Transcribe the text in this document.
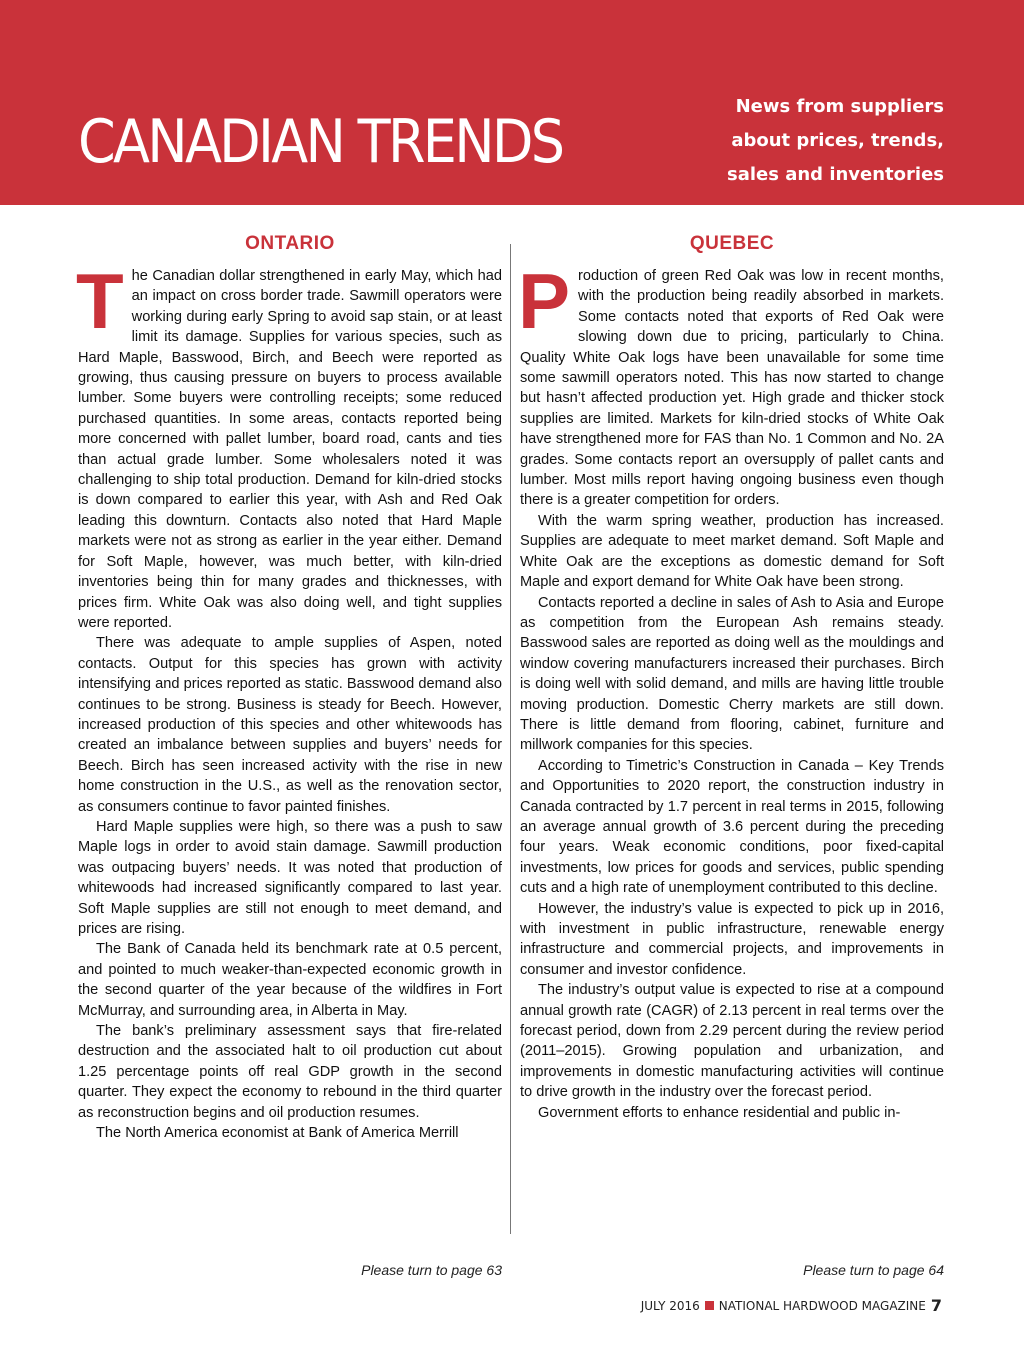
CANADIAN TRENDS
News from suppliers
about prices, trends,
sales and inventories
ONTARIO

The Canadian dollar strengthened in early May, which had an impact on cross border trade. Sawmill operators were working during early Spring to avoid sap stain, or at least limit its damage. Supplies for various species, such as Hard Maple, Basswood, Birch, and Beech were reported as growing, thus causing pressure on buyers to process available lumber. Some buyers were controlling receipts; some reduced purchased quantities. In some areas, contacts reported being more concerned with pallet lumber, board road, cants and ties than actual grade lumber. Some wholesalers noted it was challenging to ship total production. Demand for kiln-dried stocks is down compared to earlier this year, with Ash and Red Oak leading this downturn. Contacts also noted that Hard Maple markets were not as strong as earlier in the year either. Demand for Soft Maple, however, was much better, with kiln-dried inventories being thin for many grades and thicknesses, with prices firm. White Oak was also doing well, and tight supplies were reported.

There was adequate to ample supplies of Aspen, noted contacts. Output for this species has grown with activity intensifying and prices reported as static. Basswood demand also continues to be strong. Business is steady for Beech. However, increased production of this species and other whitewoods has created an imbalance between supplies and buyers’ needs for Beech. Birch has seen increased activity with the rise in new home construction in the U.S., as well as the renovation sector, as consumers continue to favor painted finishes.

Hard Maple supplies were high, so there was a push to saw Maple logs in order to avoid stain damage. Sawmill production was outpacing buyers’ needs. It was noted that production of whitewoods had increased significantly compared to last year. Soft Maple supplies are still not enough to meet demand, and prices are rising.

The Bank of Canada held its benchmark rate at 0.5 percent, and pointed to much weaker-than-expected economic growth in the second quarter of the year because of the wildfires in Fort McMurray, and surrounding area, in Alberta in May.

The bank’s preliminary assessment says that fire-related destruction and the associated halt to oil production cut about 1.25 percentage points off real GDP growth in the second quarter. They expect the economy to rebound in the third quarter as reconstruction begins and oil production resumes.

The North America economist at Bank of America Merrill

QUEBEC

Production of green Red Oak was low in recent months, with the production being readily absorbed in markets. Some contacts noted that exports of Red Oak were slowing down due to pricing, particularly to China. Quality White Oak logs have been unavailable for some time some sawmill operators noted. This has now started to change but hasn’t affected production yet. High grade and thicker stock supplies are limited. Markets for kiln-dried stocks of White Oak have strengthened more for FAS than No. 1 Common and No. 2A grades. Some contacts report an oversupply of pallet cants and lumber. Most mills report having ongoing business even though there is a greater competition for orders.

With the warm spring weather, production has increased. Supplies are adequate to meet market demand. Soft Maple and White Oak are the exceptions as domestic demand for Soft Maple and export demand for White Oak have been strong.

Contacts reported a decline in sales of Ash to Asia and Europe as competition from the European Ash remains steady. Basswood sales are reported as doing well as the mouldings and window covering manufacturers increased their purchases. Birch is doing well with solid demand, and mills are having little trouble moving production. Domestic Cherry markets are still down. There is little demand from flooring, cabinet, furniture and millwork companies for this species.

According to Timetric’s Construction in Canada – Key Trends and Opportunities to 2020 report, the construction industry in Canada contracted by 1.7 percent in real terms in 2015, following an average annual growth of 3.6 percent during the preceding four years. Weak economic conditions, poor fixed-capital investments, low prices for goods and services, public spending cuts and a high rate of unemployment contributed to this decline.

However, the industry’s value is expected to pick up in 2016, with investment in public infrastructure, renewable energy infrastructure and commercial projects, and improvements in consumer and investor confidence.

The industry’s output value is expected to rise at a compound annual growth rate (CAGR) of 2.13 percent in real terms over the forecast period, down from 2.29 percent during the review period (2011–2015). Growing population and urbanization, and improvements in domestic manufacturing activities will continue to drive growth in the industry over the forecast period.

Government efforts to enhance residential and public in-

Please turn to page 63	Please turn to page 64
JULY 2016 NATIONAL HARDWOOD MAGAZINE 7
